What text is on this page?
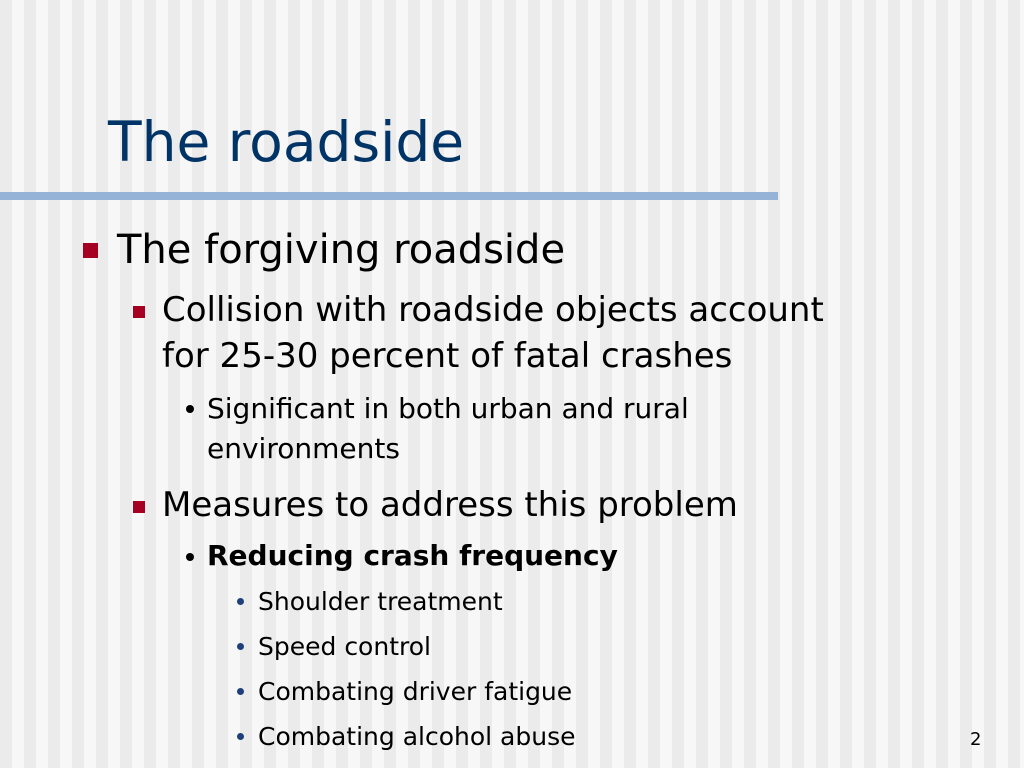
The roadside
The forgiving roadside
Collision with roadside objects account
for 25-30 percent of fatal crashes
Significant in both urban and rural
environments
Measures to address this problem
Reducing crash frequency
Shoulder treatment
Speed control
Combating driver fatigue
Combating alcohol abuse	2
